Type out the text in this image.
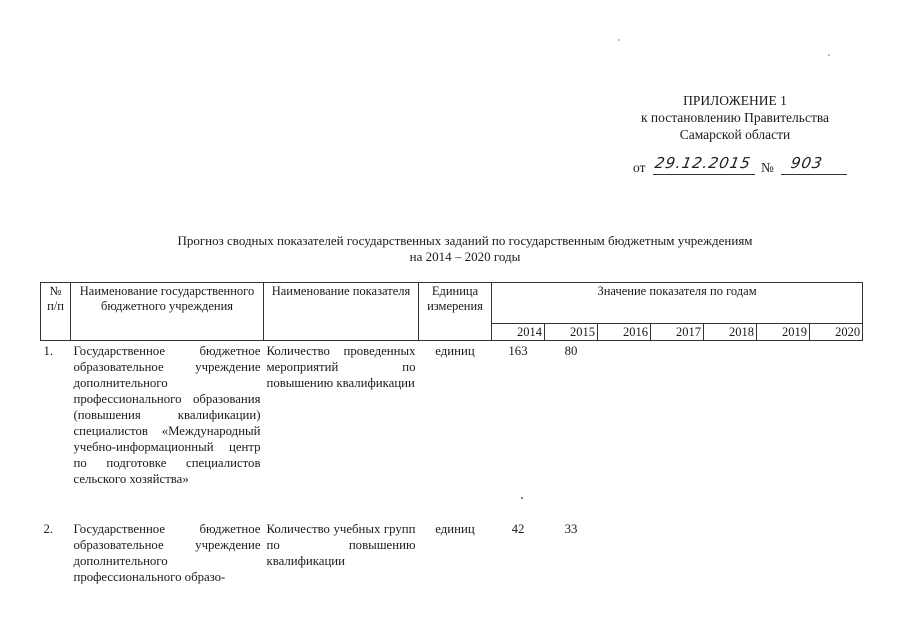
ПРИЛОЖЕНИЕ 1
к постановлению Правительства
Самарской области
от 29.12.2015 № 903
Прогноз сводных показателей государственных заданий по государственным бюджетным учреждениям
на 2014 – 2020 годы
№ п/п	Наименование государственного бюджетного учреждения	Наименование показателя	Единица измерения	Значение показателя по годам						
				2014	2015	2016	2017	2018	2019	2020
1.	Государственное бюджетное образовательное учреждение дополнительного профессионального образования (повышения квалификации) специалистов «Международный учебно-информационный центр по подготовке специалистов сельского хозяйства»	Количество проведенных мероприятий по повышению квалификации	единиц	163	80					
2.	Государственное бюджетное образовательное учреждение дополнительного профессионального образо-	Количество учебных групп по повышению квалификации	единиц	42	33					
